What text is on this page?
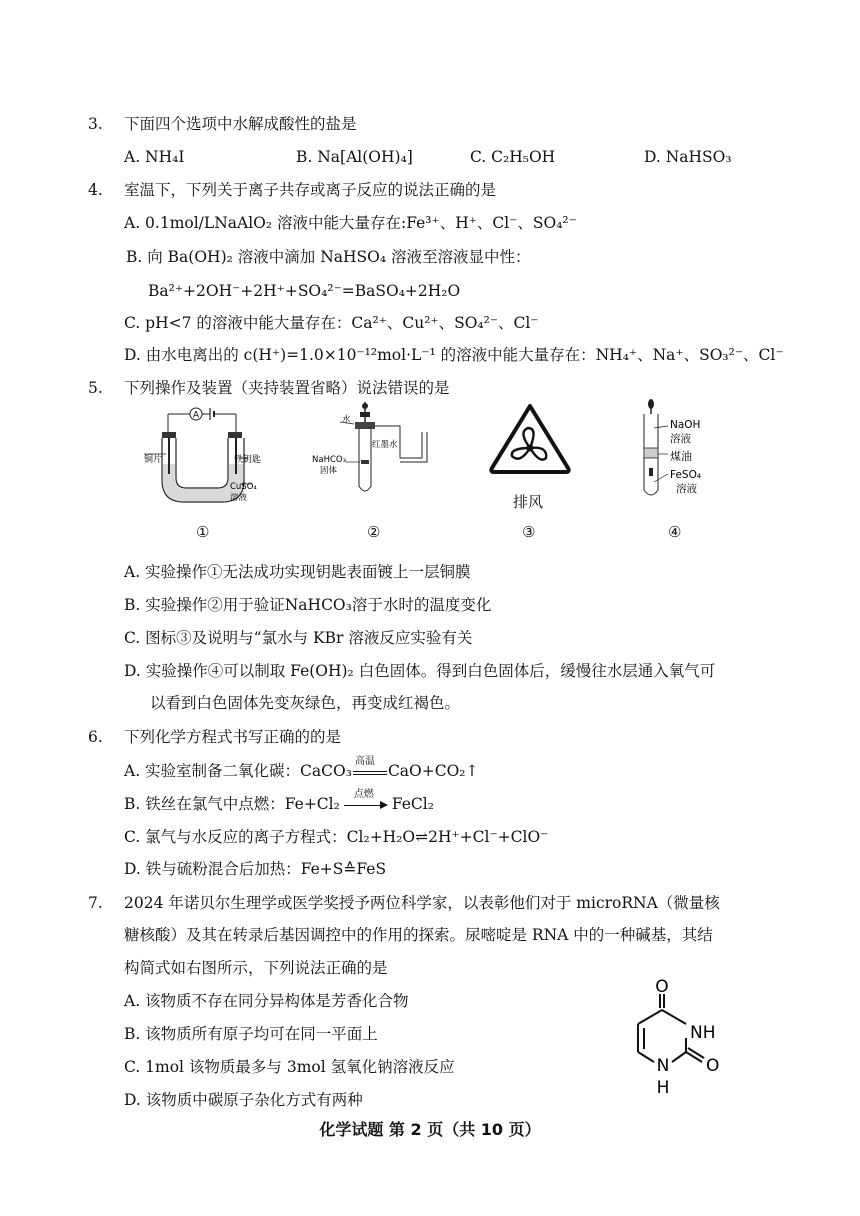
3. 下面四个选项中水解成酸性的盐是
A. NH₄I	B. Na[Al(OH)₄]	C. C₂H₅OH	D. NaHSO₃
4. 室温下，下列关于离子共存或离子反应的说法正确的是
A. 0.1mol/LNaAlO₂ 溶液中能大量存在:Fe³⁺、H⁺、Cl⁻、SO₄²⁻
B. 向 Ba(OH)₂ 溶液中滴加 NaHSO₄ 溶液至溶液显中性：
Ba²⁺+2OH⁻+2H⁺+SO₄²⁻=BaSO₄+2H₂O
C. pH<7 的溶液中能大量存在：Ca²⁺、Cu²⁺、SO₄²⁻、Cl⁻
D. 由水电离出的 c(H⁺)=1.0×10⁻¹²mol·L⁻¹ 的溶液中能大量存在：NH₄⁺、Na⁺、SO₃²⁻、Cl⁻
5. 下列操作及装置（夹持装置省略）说法错误的是
A
铜片	铁钥匙
CuSO₄
溶液
①
水
NaHCO₃
固体
红墨水
②
排风
③
NaOH
溶液
煤油
FeSO₄
溶液
④
A. 实验操作①无法成功实现钥匙表面镀上一层铜膜
B. 实验操作②用于验证NaHCO₃溶于水时的温度变化
C. 图标③及说明与“氯水与 KBr 溶液反应实验有关
D. 实验操作④可以制取 Fe(OH)₂ 白色固体。得到白色固体后，缓慢往水层通入氧气可
以看到白色固体先变灰绿色，再变成红褐色。
6. 下列化学方程式书写正确的的是
A. 实验室制备二氧化碳：CaCO₃
高温
CaO+CO₂↑
B. 铁丝在氯气中点燃：Fe+Cl₂
点燃
FeCl₂
C. 氯气与水反应的离子方程式：Cl₂+H₂O⇌2H⁺+Cl⁻+ClO⁻
D. 铁与硫粉混合后加热：Fe+S≙FeS
7. 2024 年诺贝尔生理学或医学奖授予两位科学家，以表彰他们对于 microRNA（微量核
糖核酸）及其在转录后基因调控中的作用的探索。尿嘧啶是 RNA 中的一种碱基，其结
构简式如右图所示，下列说法正确的是
A. 该物质不存在同分异构体是芳香化合物
B. 该物质所有原子均可在同一平面上
C. 1mol 该物质最多与 3mol 氢氧化钠溶液反应
D. 该物质中碳原子杂化方式有两种
O
NH
O
N
H
化学试题 第 2 页（共 10 页）
